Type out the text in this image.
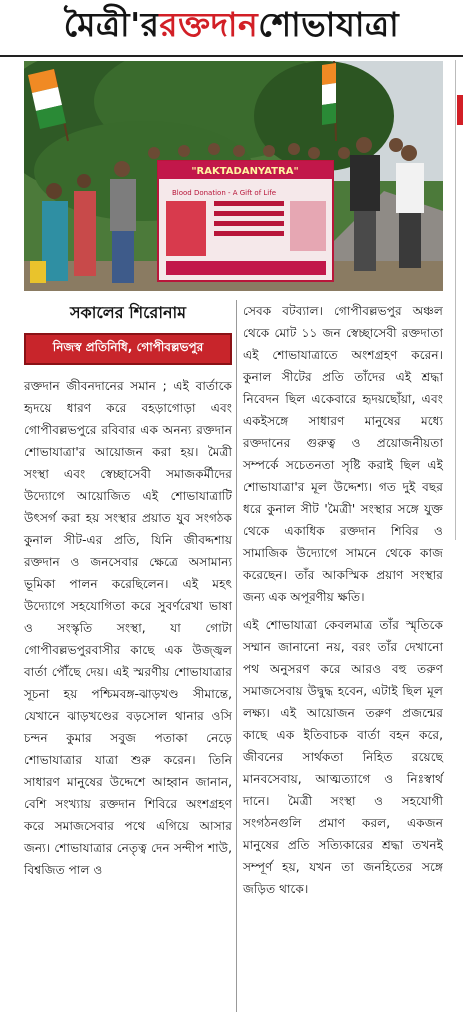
মৈত্রী'র রক্তদান শোভাযাত্রা
"RAKTADANYATRA"
Blood Donation - A Gift of Life
সকালের শিরোনাম
নিজস্ব প্রতিনিধি, গোপীবল্লভপুর

রক্তদান জীবনদানের সমান ; এই বার্তাকে হৃদয়ে ধারণ করে বহড়াগোড়া এবং গোপীবল্লভপুরে রবিবার এক অনন্য রক্তদান শোভাযাত্রা'র আয়োজন করা হয়। মৈত্রী সংস্থা এবং স্বেচ্ছাসেবী সমাজকর্মীদের উদ্যোগে আয়োজিত এই শোভাযাত্রাটি উৎসর্গ করা হয় সংস্থার প্রয়াত যুব সংগঠক কুনাল সীট-এর প্রতি, যিনি জীবদ্দশায় রক্তদান ও জনসেবার ক্ষেত্রে অসামান্য ভূমিকা পালন করেছিলেন। এই মহৎ উদ্যোগে সহযোগিতা করে সুবর্ণরেখা ভাষা ও সংস্কৃতি সংস্থা, যা গোটা গোপীবল্লভপুরবাসীর কাছে এক উজ্জ্বল বার্তা পৌঁছে দেয়। এই স্মরণীয় শোভাযাত্রার সূচনা হয় পশ্চিমবঙ্গ-ঝাড়খণ্ড সীমান্তে, যেখানে ঝাড়খণ্ডের বড়সোল থানার ওসি চন্দন কুমার সবুজ পতাকা নেড়ে শোভাযাত্রার যাত্রা শুরু করেন। তিনি সাধারণ মানুষের উদ্দেশে আহ্বান জানান, বেশি সংখ্যায় রক্তদান শিবিরে অংশগ্রহণ করে সমাজসেবার পথে এগিয়ে আসার জন্য। শোভাযাত্রার নেতৃত্ব দেন সন্দীপ শাউ, বিশ্বজিত পাল ও

সেবক বটব্যাল। গোপীবল্লভপুর অঞ্চল থেকে মোট ১১ জন স্বেচ্ছাসেবী রক্তদাতা এই শোভাযাত্রাতে অংশগ্রহণ করেন। কুনাল সীটের প্রতি তাঁদের এই শ্রদ্ধা নিবেদন ছিল একেবারে হৃদয়ছোঁয়া, এবং একইসঙ্গে সাধারণ মানুষের মধ্যে রক্তদানের গুরুত্ব ও প্রয়োজনীয়তা সম্পর্কে সচেতনতা সৃষ্টি করাই ছিল এই শোভাযাত্রা'র মূল উদ্দেশ্য। গত দুই বছর ধরে কুনাল সীট 'মৈত্রী' সংস্থার সঙ্গে যুক্ত থেকে একাধিক রক্তদান শিবির ও সামাজিক উদ্যোগে সামনে থেকে কাজ করেছেন। তাঁর আকস্মিক প্রয়াণ সংস্থার জন্য এক অপূরণীয় ক্ষতি।

এই শোভাযাত্রা কেবলমাত্র তাঁর স্মৃতিকে সম্মান জানানো নয়, বরং তাঁর দেখানো পথ অনুসরণ করে আরও বহু তরুণ সমাজসেবায় উদ্বুদ্ধ হবেন, এটাই ছিল মূল লক্ষ্য। এই আয়োজন তরুণ প্রজন্মের কাছে এক ইতিবাচক বার্তা বহন করে, জীবনের সার্থকতা নিহিত রয়েছে মানবসেবায়, আত্মত্যাগে ও নিঃস্বার্থ দানে। মৈত্রী সংস্থা ও সহযোগী সংগঠনগুলি প্রমাণ করল, একজন মানুষের প্রতি সত্যিকারের শ্রদ্ধা তখনই সম্পূর্ণ হয়, যখন তা জনহিতের সঙ্গে জড়িত থাকে।
